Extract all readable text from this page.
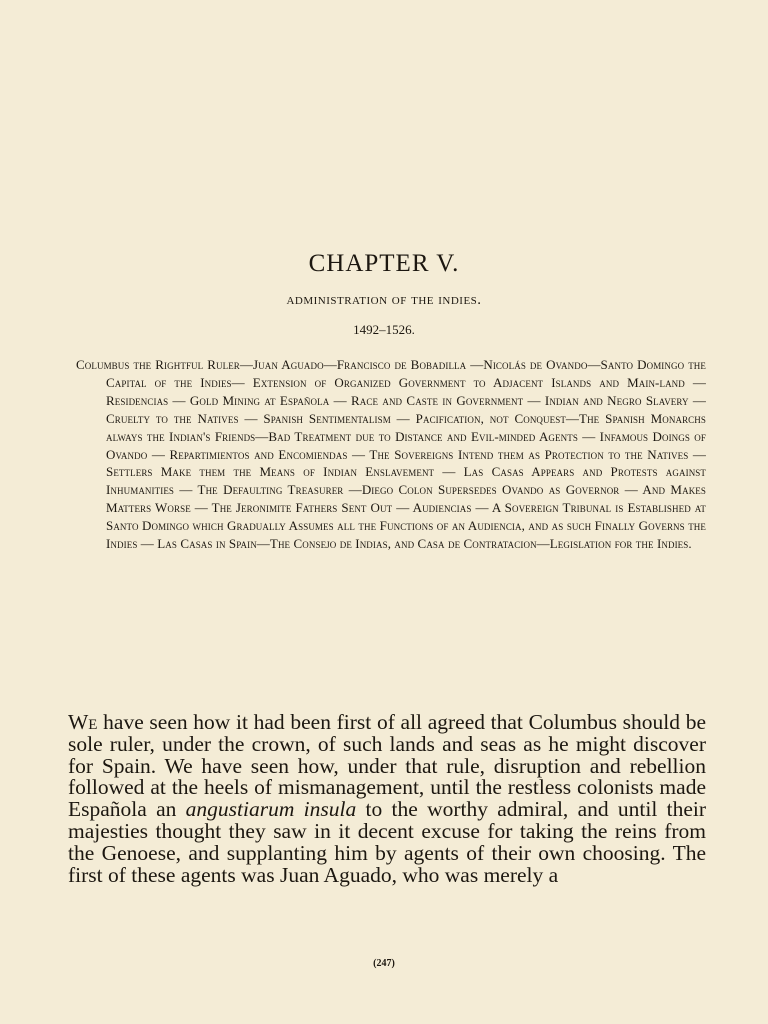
CHAPTER V.

administration of the indies.

1492–1526.

Columbus the Rightful Ruler—Juan Aguado—Francisco de Bobadilla —Nicolás de Ovando—Santo Domingo the Capital of the Indies— Extension of Organized Government to Adjacent Islands and Main-land — Residencias — Gold Mining at Española — Race and Caste in Government — Indian and Negro Slavery — Cruelty to the Natives — Spanish Sentimentalism — Pacification, not Conquest—The Spanish Monarchs always the Indian's Friends—Bad Treatment due to Distance and Evil-minded Agents — Infamous Doings of Ovando — Repartimientos and Encomiendas — The Sovereigns Intend them as Protection to the Natives — Settlers Make them the Means of Indian Enslavement — Las Casas Appears and Protests against Inhumanities — The Defaulting Treasurer —Diego Colon Supersedes Ovando as Governor — And Makes Matters Worse — The Jeronimite Fathers Sent Out — Audiencias — A Sovereign Tribunal is Established at Santo Domingo which Gradually Assumes all the Functions of an Audiencia, and as such Finally Governs the Indies — Las Casas in Spain—The Consejo de Indias, and Casa de Contratacion—Legislation for the Indies.

We have seen how it had been first of all agreed that Columbus should be sole ruler, under the crown, of such lands and seas as he might discover for Spain. We have seen how, under that rule, disruption and rebellion followed at the heels of mismanagement, until the restless colonists made Española an angustiarum insula to the worthy admiral, and until their majesties thought they saw in it decent excuse for taking the reins from the Genoese, and supplanting him by agents of their own choosing. The first of these agents was Juan Aguado, who was merely a

(247)
